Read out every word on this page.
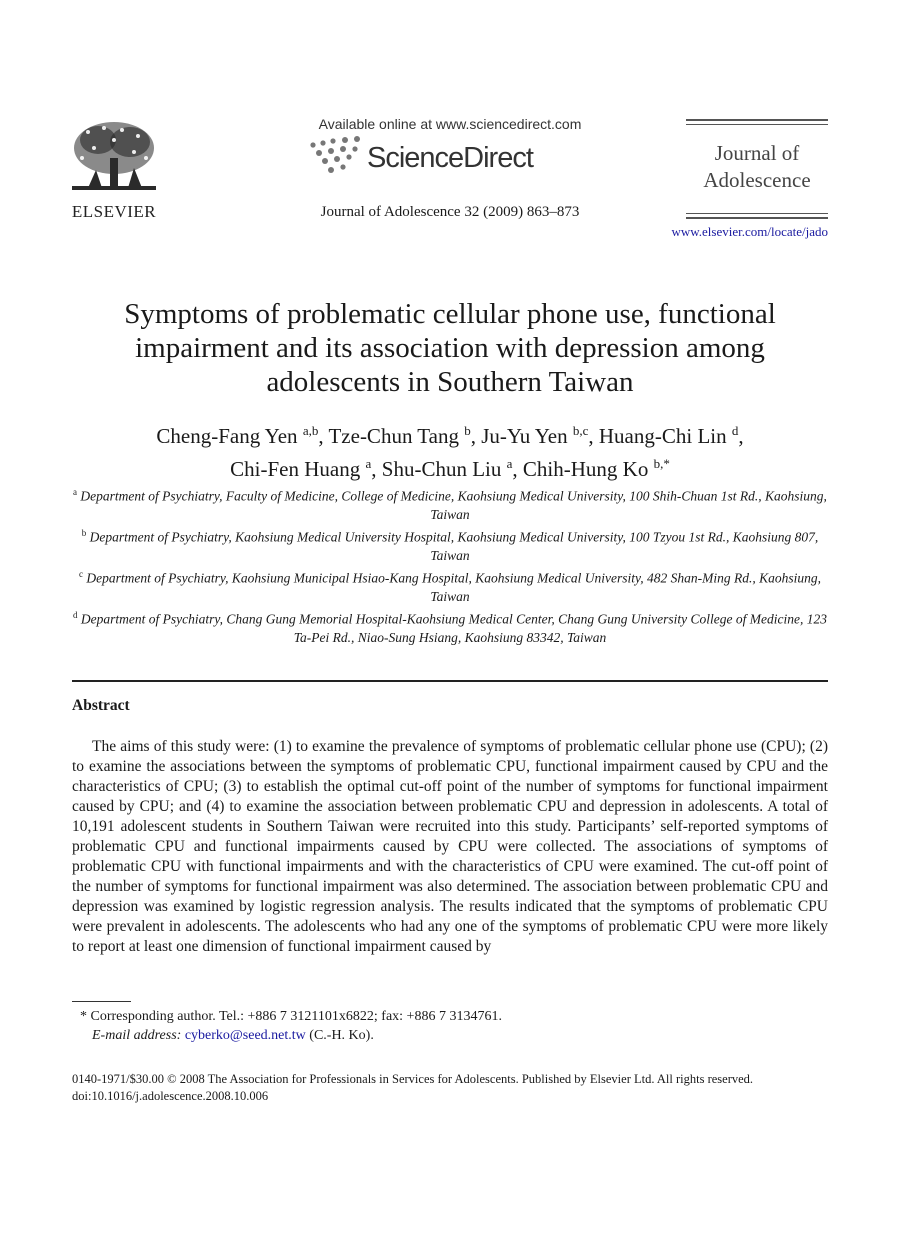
ELSEVIER
Available online at www.sciencedirect.com
ScienceDirect
Journal of Adolescence 32 (2009) 863–873
Journal of
Adolescence
www.elsevier.com/locate/jado
Symptoms of problematic cellular phone use, functional impairment and its association with depression among adolescents in Southern Taiwan
Cheng-Fang Yen $^{a,b}$, Tze-Chun Tang $^b$, Ju-Yu Yen $^{b,c}$, Huang-Chi Lin $^d$,
Chi-Fen Huang $^a$, Shu-Chun Liu $^a$, Chih-Hung Ko $^{b,*}$

$^a$ Department of Psychiatry, Faculty of Medicine, College of Medicine, Kaohsiung Medical University, 100 Shih-Chuan 1st Rd., Kaohsiung, Taiwan

$^b$ Department of Psychiatry, Kaohsiung Medical University Hospital, Kaohsiung Medical University, 100 Tzyou 1st Rd., Kaohsiung 807, Taiwan

$^c$ Department of Psychiatry, Kaohsiung Municipal Hsiao-Kang Hospital, Kaohsiung Medical University, 482 Shan-Ming Rd., Kaohsiung, Taiwan

$^d$ Department of Psychiatry, Chang Gung Memorial Hospital-Kaohsiung Medical Center, Chang Gung University College of Medicine, 123 Ta-Pei Rd., Niao-Sung Hsiang, Kaohsiung 83342, Taiwan

Abstract

The aims of this study were: (1) to examine the prevalence of symptoms of problematic cellular phone use (CPU); (2) to examine the associations between the symptoms of problematic CPU, functional impairment caused by CPU and the characteristics of CPU; (3) to establish the optimal cut-off point of the number of symptoms for functional impairment caused by CPU; and (4) to examine the association between problematic CPU and depression in adolescents. A total of 10,191 adolescent students in Southern Taiwan were recruited into this study. Participants’ self-reported symptoms of problematic CPU and functional impairments caused by CPU were collected. The associations of symptoms of problematic CPU with functional impairments and with the characteristics of CPU were examined. The cut-off point of the number of symptoms for functional impairment was also determined. The association between problematic CPU and depression was examined by logistic regression analysis. The results indicated that the symptoms of problematic CPU were prevalent in adolescents. The adolescents who had any one of the symptoms of problematic CPU were more likely to report at least one dimension of functional impairment caused by

* Corresponding author. Tel.: +886 7 3121101x6822; fax: +886 7 3134761.
E-mail address: cyberko@seed.net.tw (C.-H. Ko).
0140-1971/$30.00 © 2008 The Association for Professionals in Services for Adolescents. Published by Elsevier Ltd. All rights reserved.
doi:10.1016/j.adolescence.2008.10.006
